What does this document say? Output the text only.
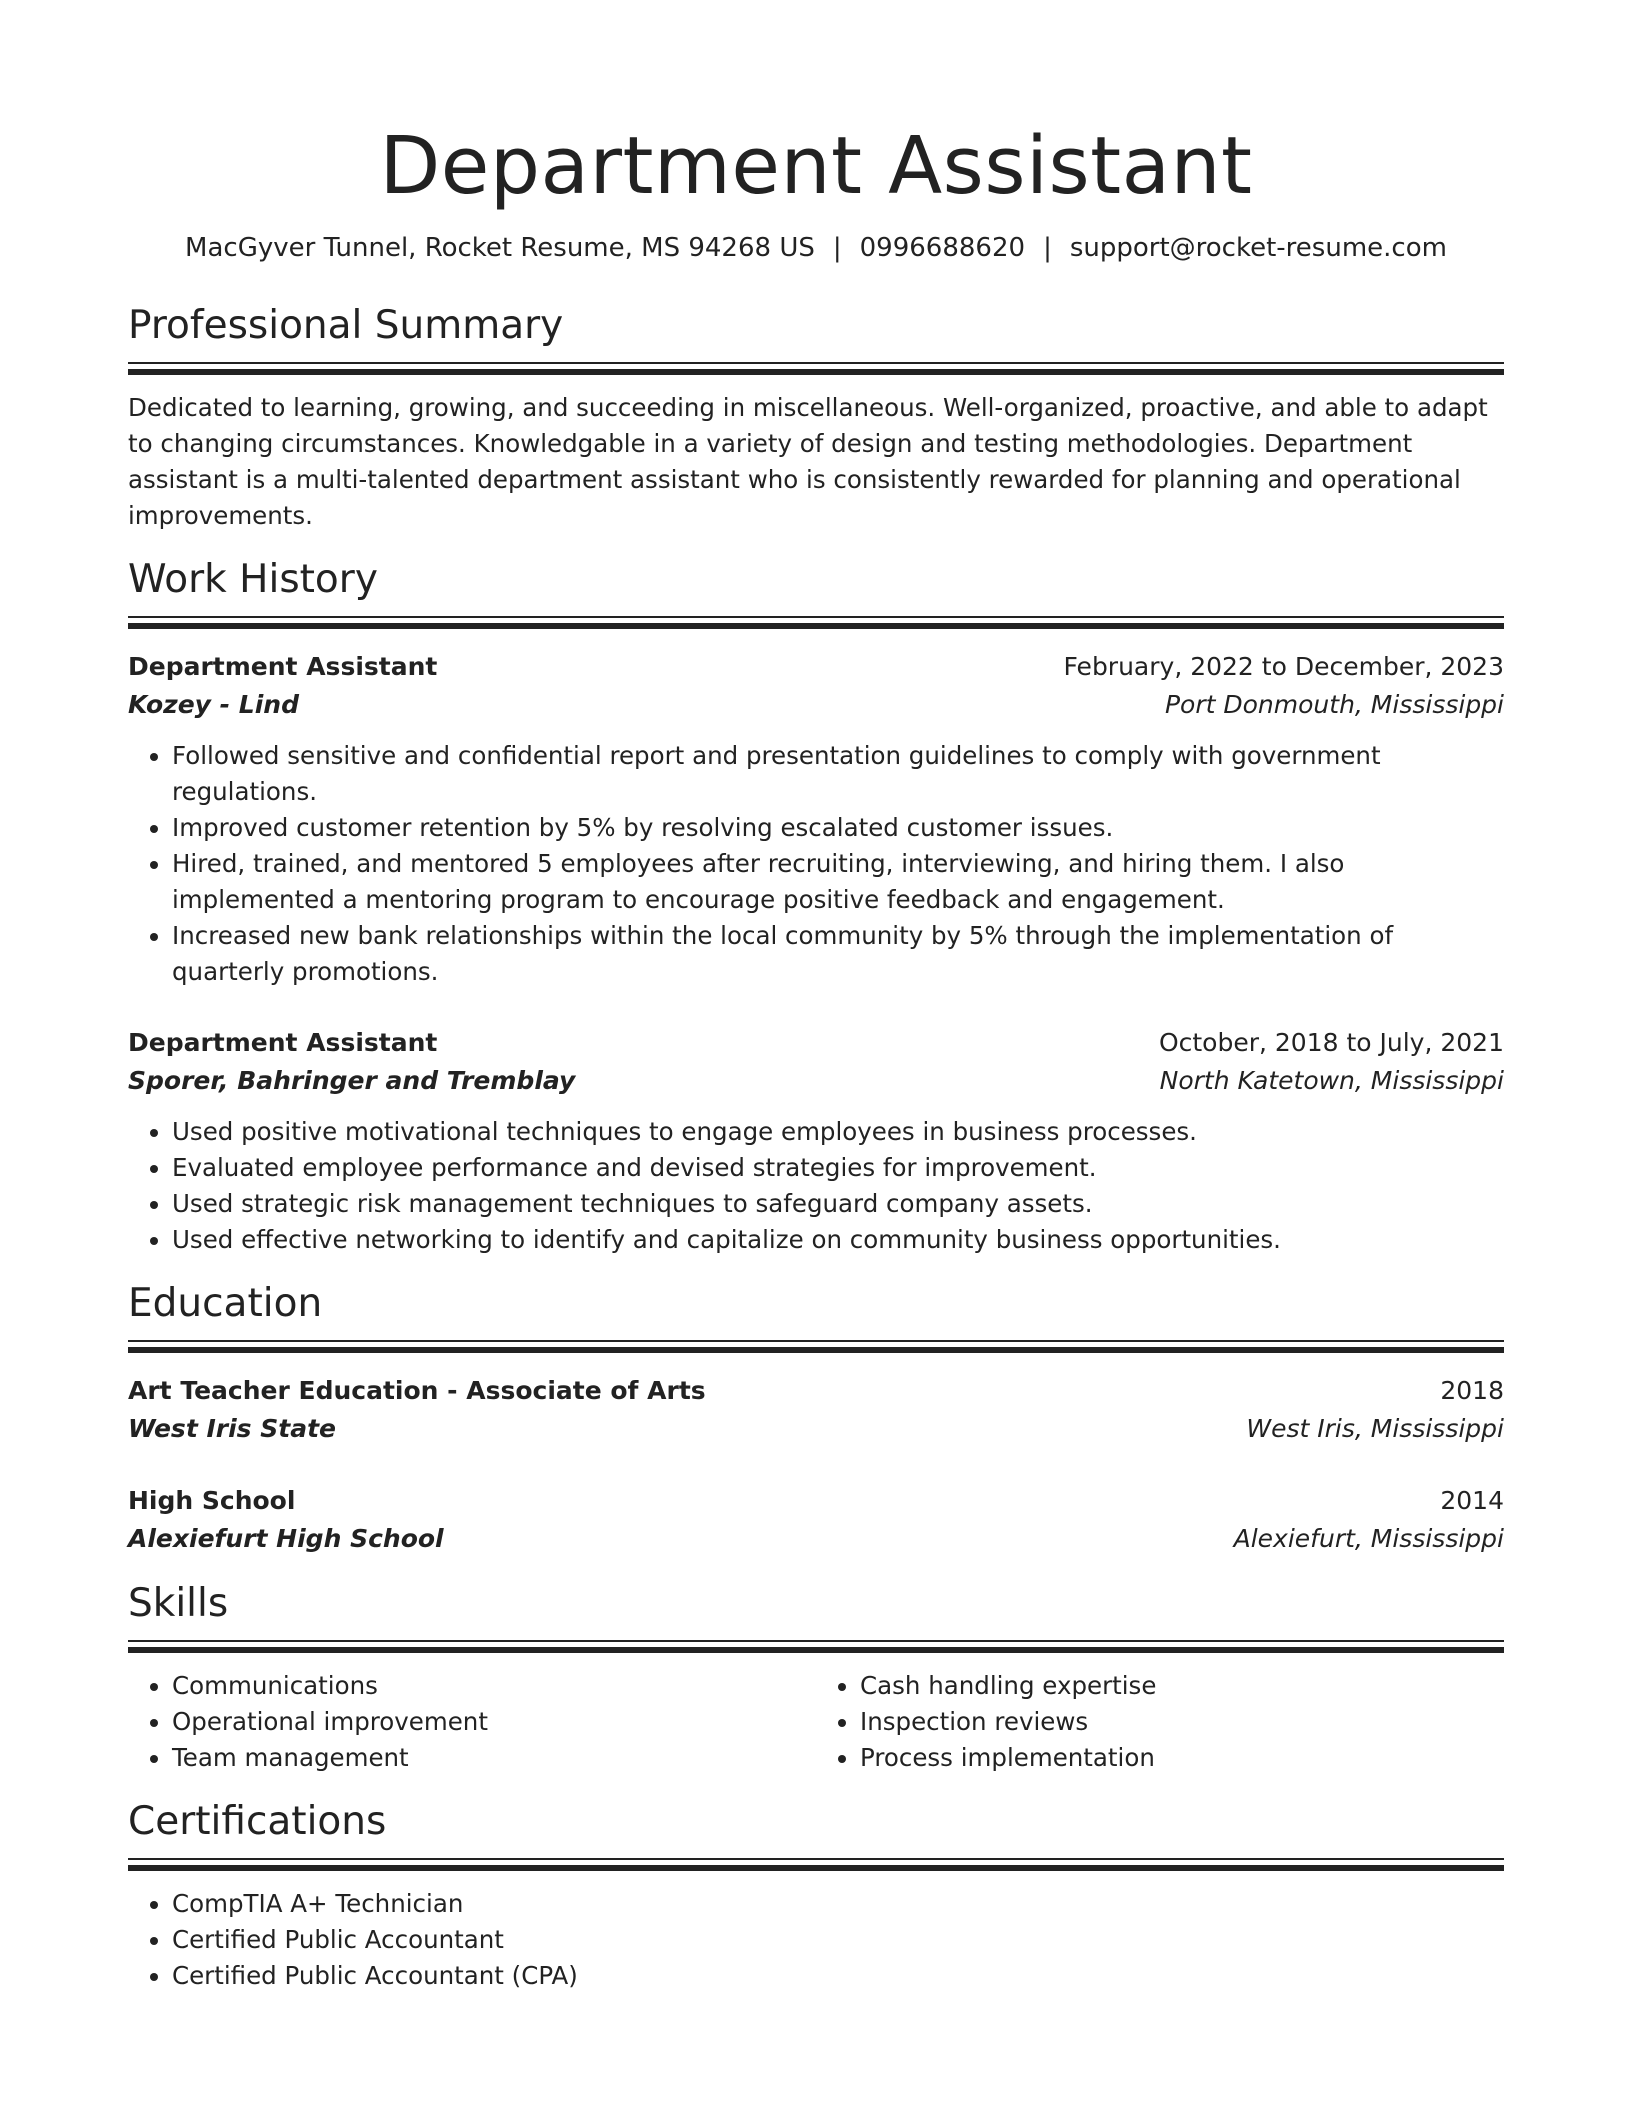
Department Assistant
MacGyver Tunnel, Rocket Resume, MS 94268 US | 0996688620 | support@rocket-resume.com
Professional Summary

Dedicated to learning, growing, and succeeding in miscellaneous. Well-organized, proactive, and able to adapt to changing circumstances. Knowledgable in a variety of design and testing methodologies. Department assistant is a multi-talented department assistant who is consistently rewarded for planning and operational improvements.

Work History
Department Assistant	February, 2022 to December, 2023
Kozey - Lind	Port Donmouth, Mississippi
• Followed sensitive and confidential report and presentation guidelines to comply with government regulations.
• Improved customer retention by 5% by resolving escalated customer issues.
• Hired, trained, and mentored 5 employees after recruiting, interviewing, and hiring them. I also implemented a mentoring program to encourage positive feedback and engagement.
• Increased new bank relationships within the local community by 5% through the implementation of quarterly promotions.
Department Assistant	October, 2018 to July, 2021
Sporer, Bahringer and Tremblay	North Katetown, Mississippi
• Used positive motivational techniques to engage employees in business processes.
• Evaluated employee performance and devised strategies for improvement.
• Used strategic risk management techniques to safeguard company assets.
• Used effective networking to identify and capitalize on community business opportunities.
Education
Art Teacher Education - Associate of Arts	2018
West Iris State	West Iris, Mississippi
High School	2014
Alexiefurt High School	Alexiefurt, Mississippi
Skills
• Communications
• Operational improvement
• Team management
• Cash handling expertise
• Inspection reviews
• Process implementation
Certifications
• CompTIA A+ Technician
• Certified Public Accountant
• Certified Public Accountant (CPA)
